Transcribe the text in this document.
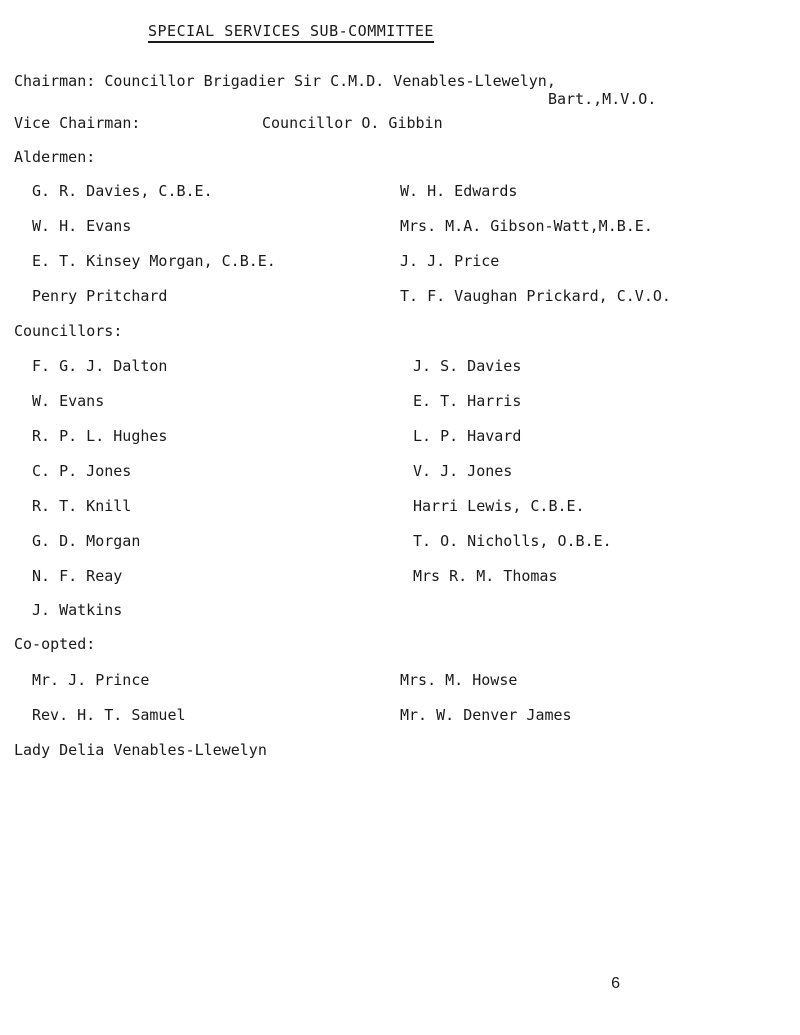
SPECIAL SERVICES SUB-COMMITTEE
Chairman: Councillor Brigadier Sir C.M.D. Venables-Llewelyn,
Bart.,M.V.O.
Vice Chairman:	Councillor O. Gibbin
Aldermen:
G. R. Davies, C.B.E.	W. H. Edwards
W. H. Evans	Mrs. M.A. Gibson-Watt,M.B.E.
E. T. Kinsey Morgan, C.B.E.	J. J. Price
Penry Pritchard	T. F. Vaughan Prickard, C.V.O.
Councillors:
F. G. J. Dalton	J. S. Davies
W. Evans	E. T. Harris
R. P. L. Hughes	L. P. Havard
C. P. Jones	V. J. Jones
R. T. Knill	Harri Lewis, C.B.E.
G. D. Morgan	T. O. Nicholls, O.B.E.
N. F. Reay	Mrs R. M. Thomas
J. Watkins
Co-opted:
Mr. J. Prince	Mrs. M. Howse
Rev. H. T. Samuel	Mr. W. Denver James
Lady Delia Venables-Llewelyn
6
